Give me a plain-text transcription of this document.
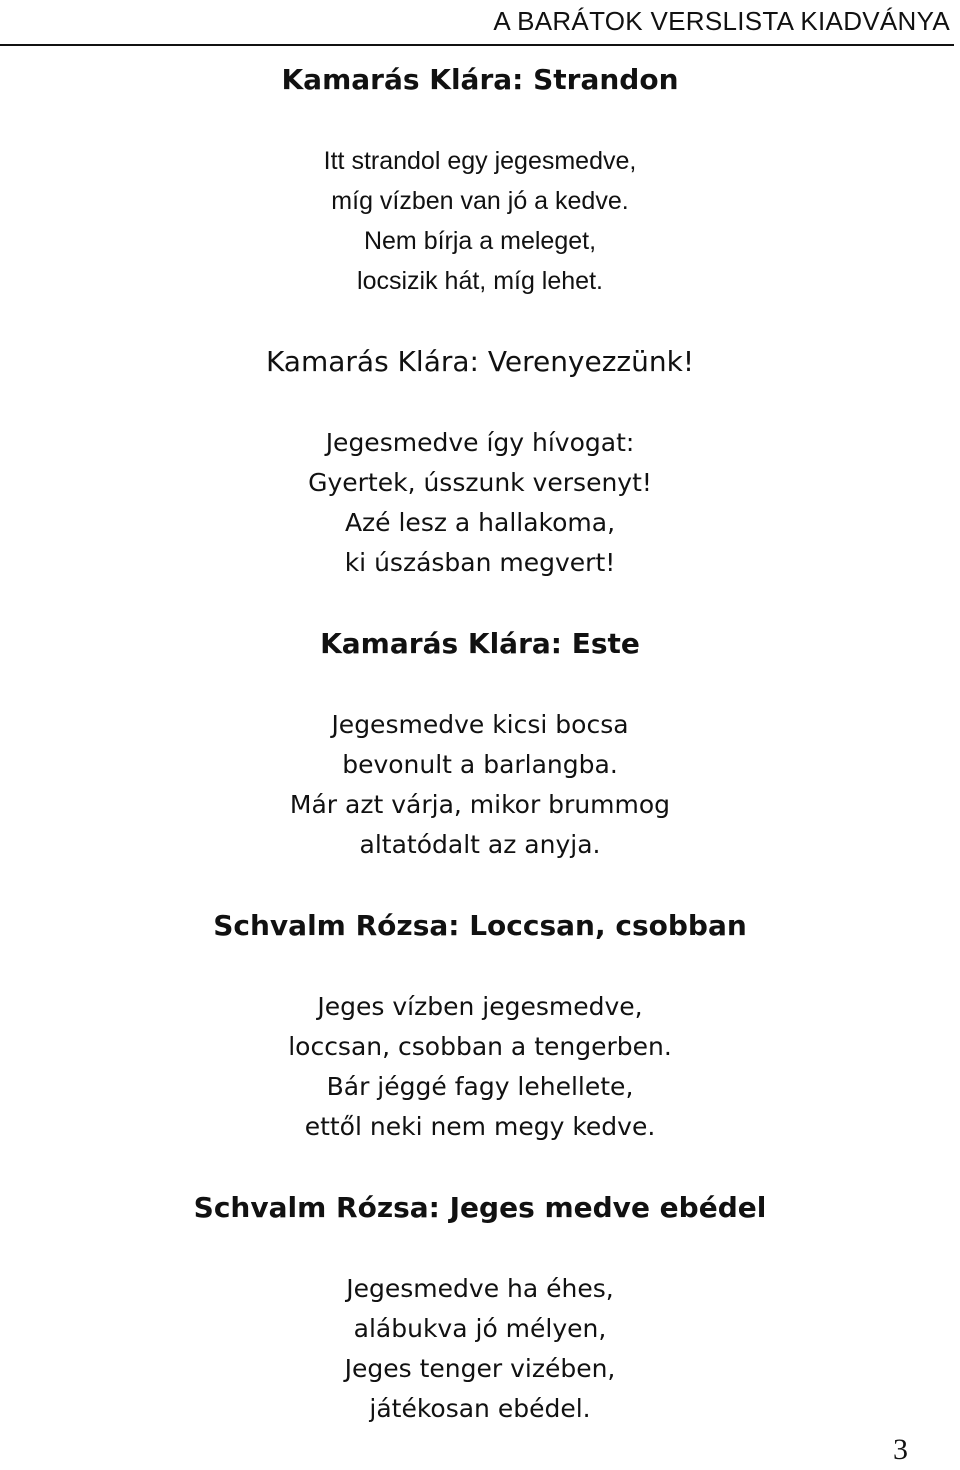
A BARÁTOK VERSLISTA KIADVÁNYA
Kamarás Klára: Strandon
Itt strandol egy jegesmedve,
míg vízben van jó a kedve.
Nem bírja a meleget,
locsizik hát, míg lehet.
Kamarás Klára: Verenyezzünk!
Jegesmedve így hívogat:
Gyertek, ússzunk versenyt!
Azé lesz a hallakoma,
ki úszásban megvert!
Kamarás Klára: Este
Jegesmedve kicsi bocsa
bevonult a barlangba.
Már azt várja, mikor brummog
altatódalt az anyja.
Schvalm Rózsa: Loccsan, csobban
Jeges vízben jegesmedve,
loccsan, csobban a tengerben.
Bár jéggé fagy lehellete,
ettől neki nem megy kedve.
Schvalm Rózsa: Jeges medve ebédel
Jegesmedve ha éhes,
alábukva jó mélyen,
Jeges tenger vizében,
játékosan ebédel.
3
